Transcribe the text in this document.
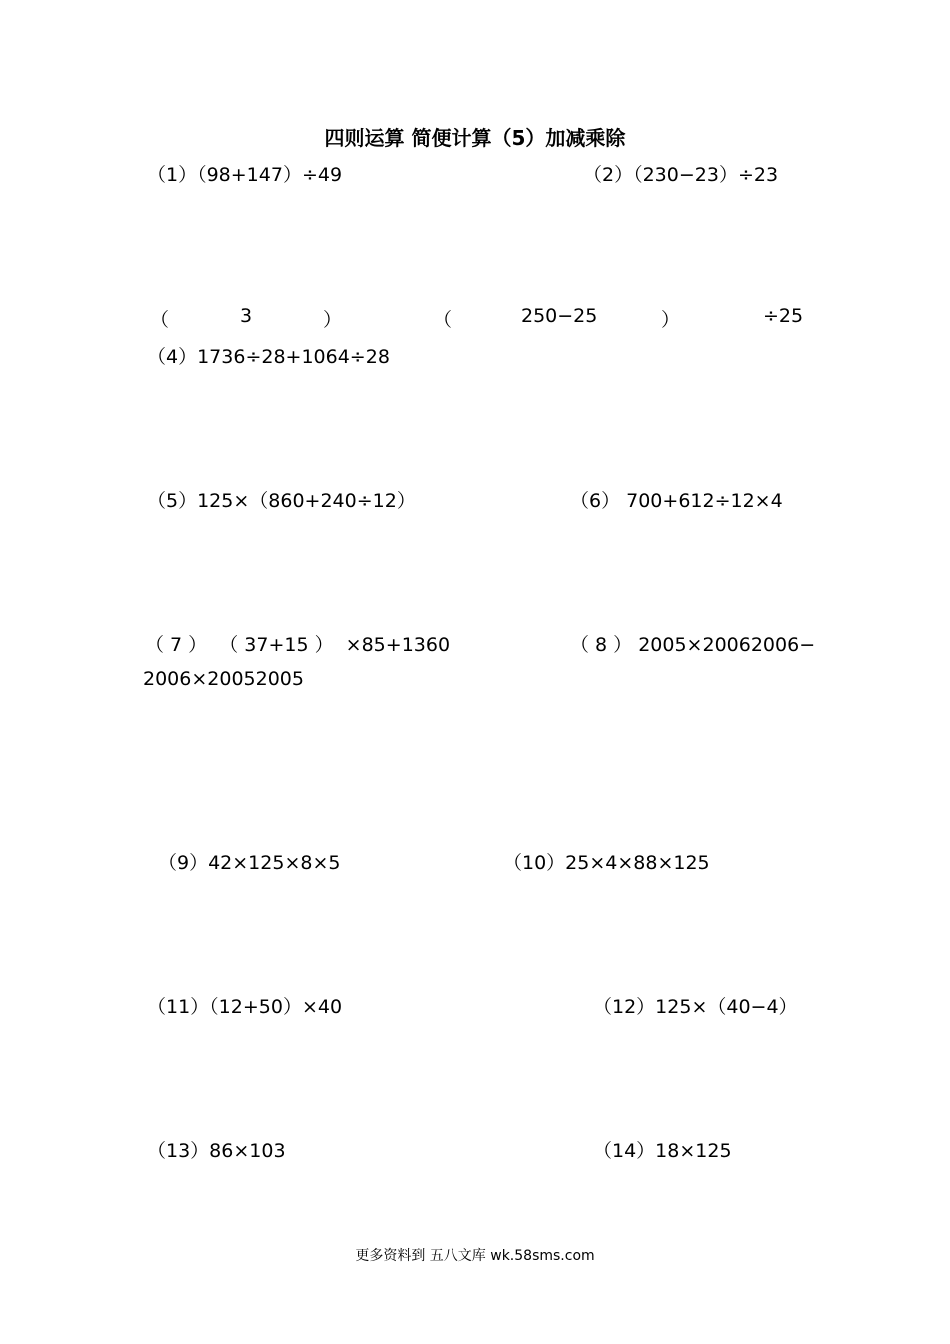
四则运算 简便计算（5）加减乘除
（1）（98+147）÷49	（2）（230−23）÷23
（	3	）	（	250−25	）	÷25
（4）1736÷28+1064÷28
（5）125×（860+240÷12）	（6） 700+612÷12×4
（ 7 ）  （ 37+15 ）  ×85+1360	（ 8 ） 2005×20062006−
2006×20052005
（9）42×125×8×5	（10）25×4×88×125
（11）（12+50）×40	（12）125×（40−4）
（13）86×103	（14）18×125
更多资料到 五八文库 wk.58sms.com
